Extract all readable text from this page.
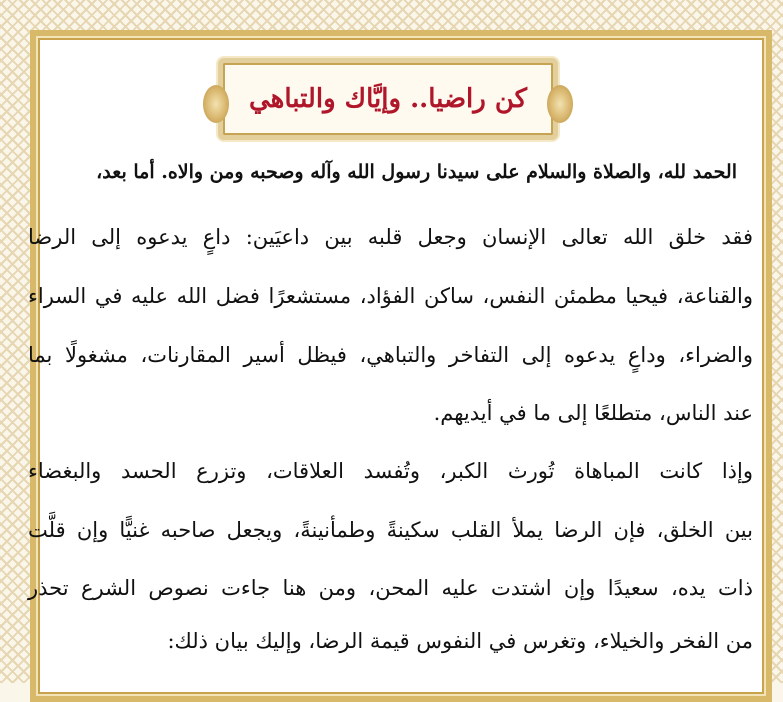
كن راضيا.. وإيَّاك والتباهي
الحمد لله، والصلاة والسلام على سيدنا رسول الله وآله وصحبه ومن والاه. أما بعد،
فقد خلق الله تعالى الإنسان وجعل قلبه بين داعيَين: داعٍ يدعوه إلى الرضا
والقناعة، فيحيا مطمئن النفس، ساكن الفؤاد، مستشعرًا فضل الله عليه في السراء
والضراء، وداعٍ يدعوه إلى التفاخر والتباهي، فيظل أسير المقارنات، مشغولًا بما
عند الناس، متطلعًا إلى ما في أيديهم.
وإذا كانت المباهاة تُورث الكبر، وتُفسد العلاقات، وتزرع الحسد والبغضاء
بين الخلق، فإن الرضا يملأ القلب سكينةً وطمأنينةً، ويجعل صاحبه غنيًّا وإن قلَّت
ذات يده، سعيدًا وإن اشتدت عليه المحن، ومن هنا جاءت نصوص الشرع تحذر
من الفخر والخيلاء، وتغرس في النفوس قيمة الرضا، وإليك بيان ذلك:
